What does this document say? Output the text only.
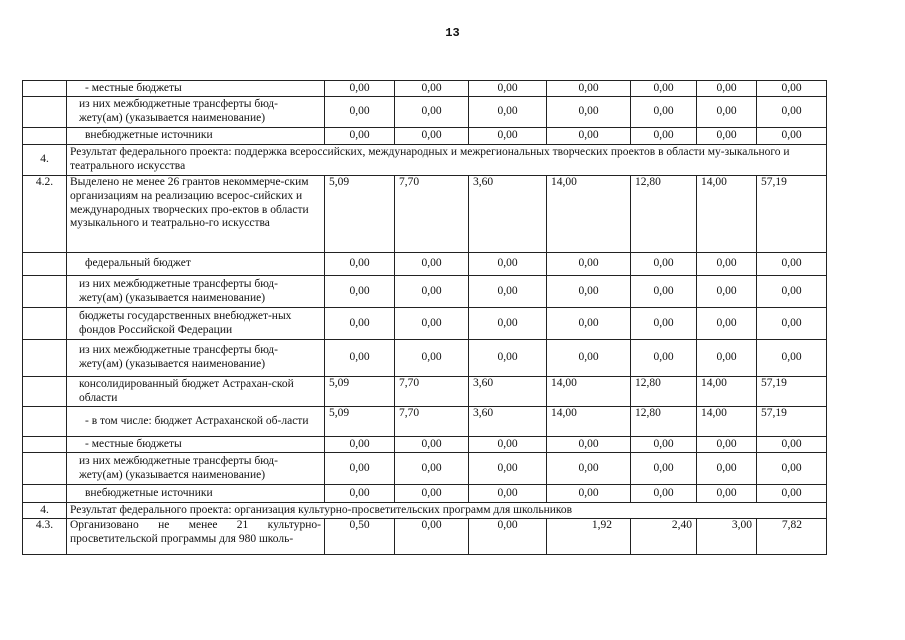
13
	- местные бюджеты	0,00	0,00	0,00	0,00	0,00	0,00	0,00
	из них межбюджетные трансферты бюд-жету(ам) (указывается наименование)	0,00	0,00	0,00	0,00	0,00	0,00	0,00
	внебюджетные источники	0,00	0,00	0,00	0,00	0,00	0,00	0,00
4.	Результат федерального проекта: поддержка всероссийских, международных и межрегиональных творческих проектов в области му-зыкального и театрального искусства							
4.2.	Выделено не менее 26 грантов некоммерче-ским организациям на реализацию всерос-сийских и международных творческих про-ектов в области музыкального и театрально-го искусства	5,09	7,70	3,60	14,00	12,80	14,00	57,19
	федеральный бюджет	0,00	0,00	0,00	0,00	0,00	0,00	0,00
	из них межбюджетные трансферты бюд-жету(ам) (указывается наименование)	0,00	0,00	0,00	0,00	0,00	0,00	0,00
	бюджеты государственных внебюджет-ных фондов Российской Федерации	0,00	0,00	0,00	0,00	0,00	0,00	0,00
	из них межбюджетные трансферты бюд-жету(ам) (указывается наименование)	0,00	0,00	0,00	0,00	0,00	0,00	0,00
	консолидированный бюджет Астрахан-ской области	5,09	7,70	3,60	14,00	12,80	14,00	57,19
	- в том числе: бюджет Астраханской об-ласти	5,09	7,70	3,60	14,00	12,80	14,00	57,19
	- местные бюджеты	0,00	0,00	0,00	0,00	0,00	0,00	0,00
	из них межбюджетные трансферты бюд-жету(ам) (указывается наименование)	0,00	0,00	0,00	0,00	0,00	0,00	0,00
	внебюджетные источники	0,00	0,00	0,00	0,00	0,00	0,00	0,00
4.	Результат федерального проекта: организация культурно-просветительских программ для школьников							
4.3.	Организовано не менее 21 культурно-просветительской программы для 980 школь-	0,50	0,00	0,00	1,92	2,40	3,00	7,82
